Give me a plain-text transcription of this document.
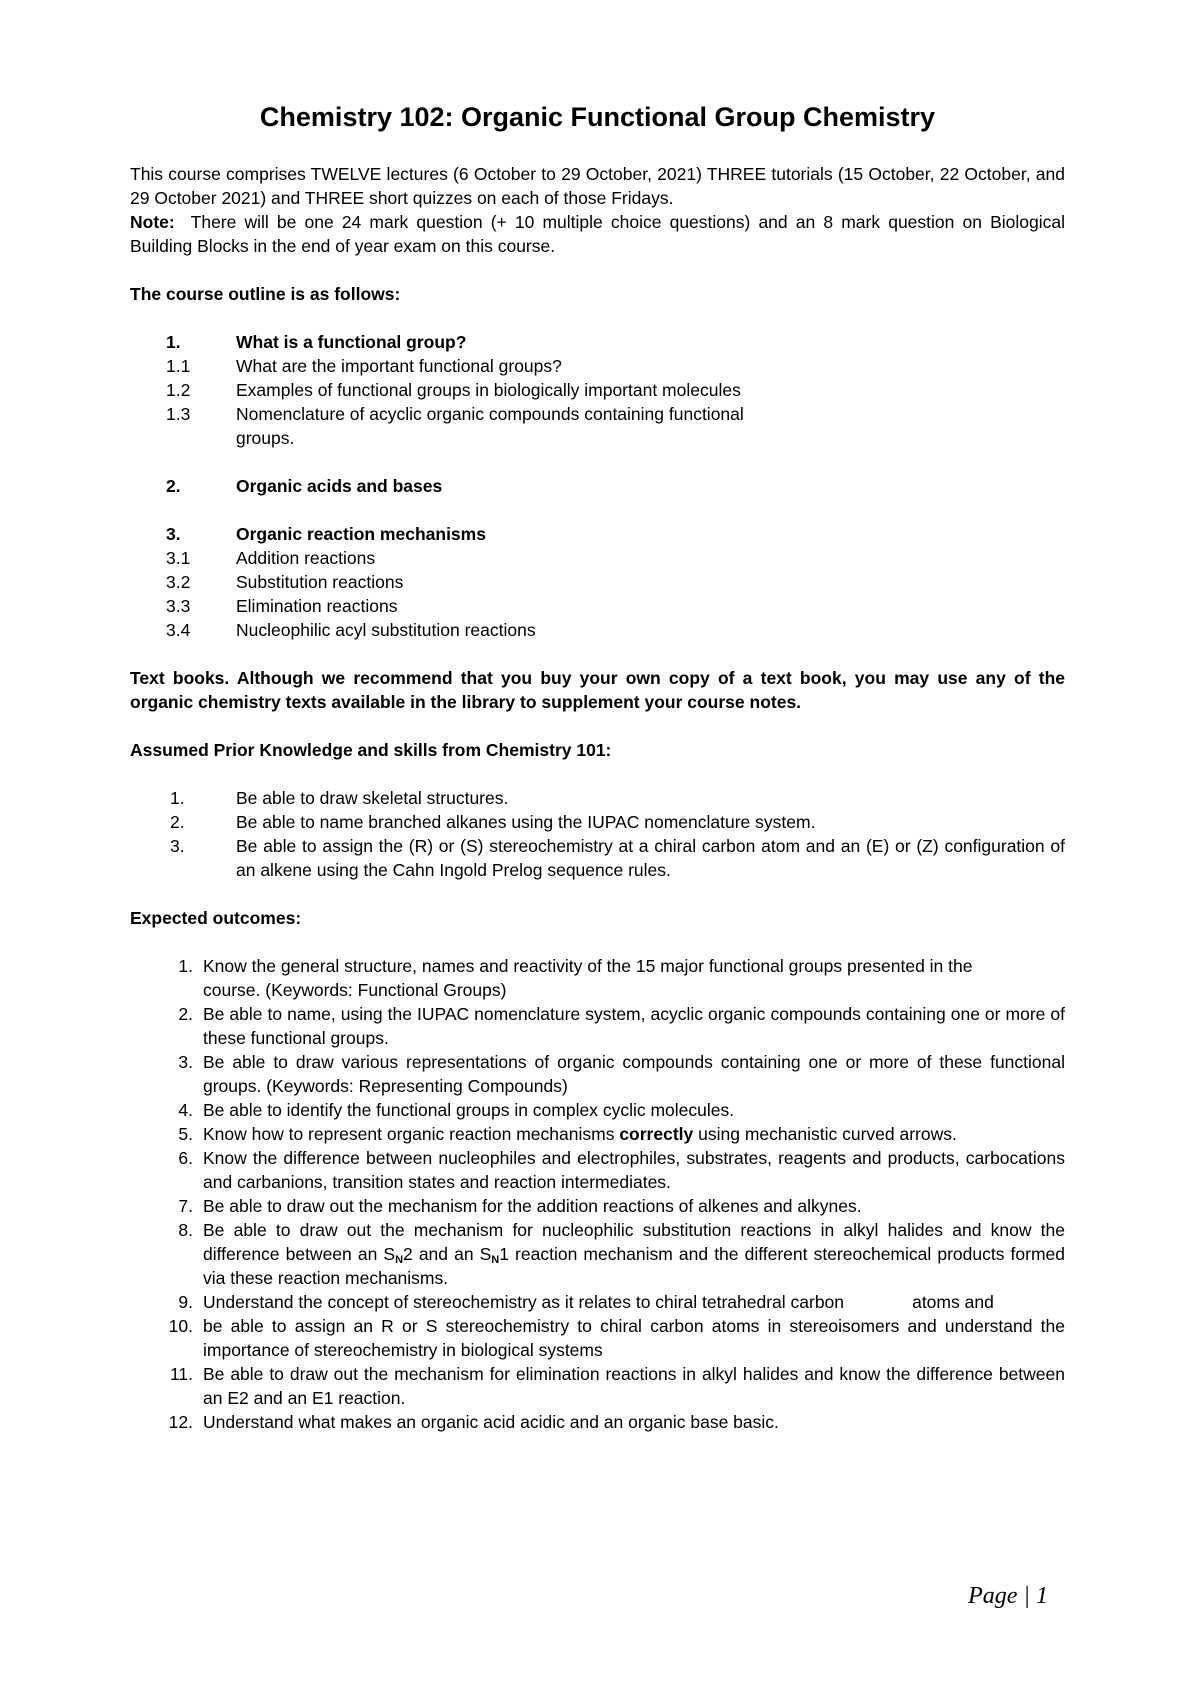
Chemistry 102: Organic Functional Group Chemistry

This course comprises TWELVE lectures (6 October to 29 October, 2021) THREE tutorials (15 October, 22 October, and 29 October 2021) and THREE short quizzes on each of those Fridays.

Note: There will be one 24 mark question (+ 10 multiple choice questions) and an 8 mark question on Biological Building Blocks in the end of year exam on this course.

The course outline is as follows:

1.	What is a functional group?
1.1	What are the important functional groups?
1.2	Examples of functional groups in biologically important molecules
1.3	Nomenclature of acyclic organic compounds containing functional
groups.
2.	Organic acids and bases
3.	Organic reaction mechanisms
3.1	Addition reactions
3.2	Substitution reactions
3.3	Elimination reactions
3.4	Nucleophilic acyl substitution reactions

Text books. Although we recommend that you buy your own copy of a text book, you may use any of the organic chemistry texts available in the library to supplement your course notes.

Assumed Prior Knowledge and skills from Chemistry 101:

1.	Be able to draw skeletal structures.
2.	Be able to name branched alkanes using the IUPAC nomenclature system.
3.	Be able to assign the (R) or (S) stereochemistry at a chiral carbon atom and an (E) or (Z) configuration of an alkene using the Cahn Ingold Prelog sequence rules.

Expected outcomes:

1. Know the general structure, names and reactivity of the 15 major functional groups presented in the course. (Keywords: Functional Groups)
2. Be able to name, using the IUPAC nomenclature system, acyclic organic compounds containing one or more of these functional groups.
3. Be able to draw various representations of organic compounds containing one or more of these functional groups. (Keywords: Representing Compounds)
4. Be able to identify the functional groups in complex cyclic molecules.
5. Know how to represent organic reaction mechanisms correctly using mechanistic curved arrows.
6. Know the difference between nucleophiles and electrophiles, substrates, reagents and products, carbocations and carbanions, transition states and reaction intermediates.
7. Be able to draw out the mechanism for the addition reactions of alkenes and alkynes.
8. Be able to draw out the mechanism for nucleophilic substitution reactions in alkyl halides and know the difference between an $S_N2$ and an $S_N1$ reaction mechanism and the different stereochemical products formed via these reaction mechanisms.
9. Understand the concept of stereochemistry as it relates to chiral tetrahedral carbon              atoms and
10. be able to assign an R or S stereochemistry to chiral carbon atoms in stereoisomers and understand the importance of stereochemistry in biological systems
11. Be able to draw out the mechanism for elimination reactions in alkyl halides and know the difference between an E2 and an E1 reaction.
12. Understand what makes an organic acid acidic and an organic base basic.
Page | 1
